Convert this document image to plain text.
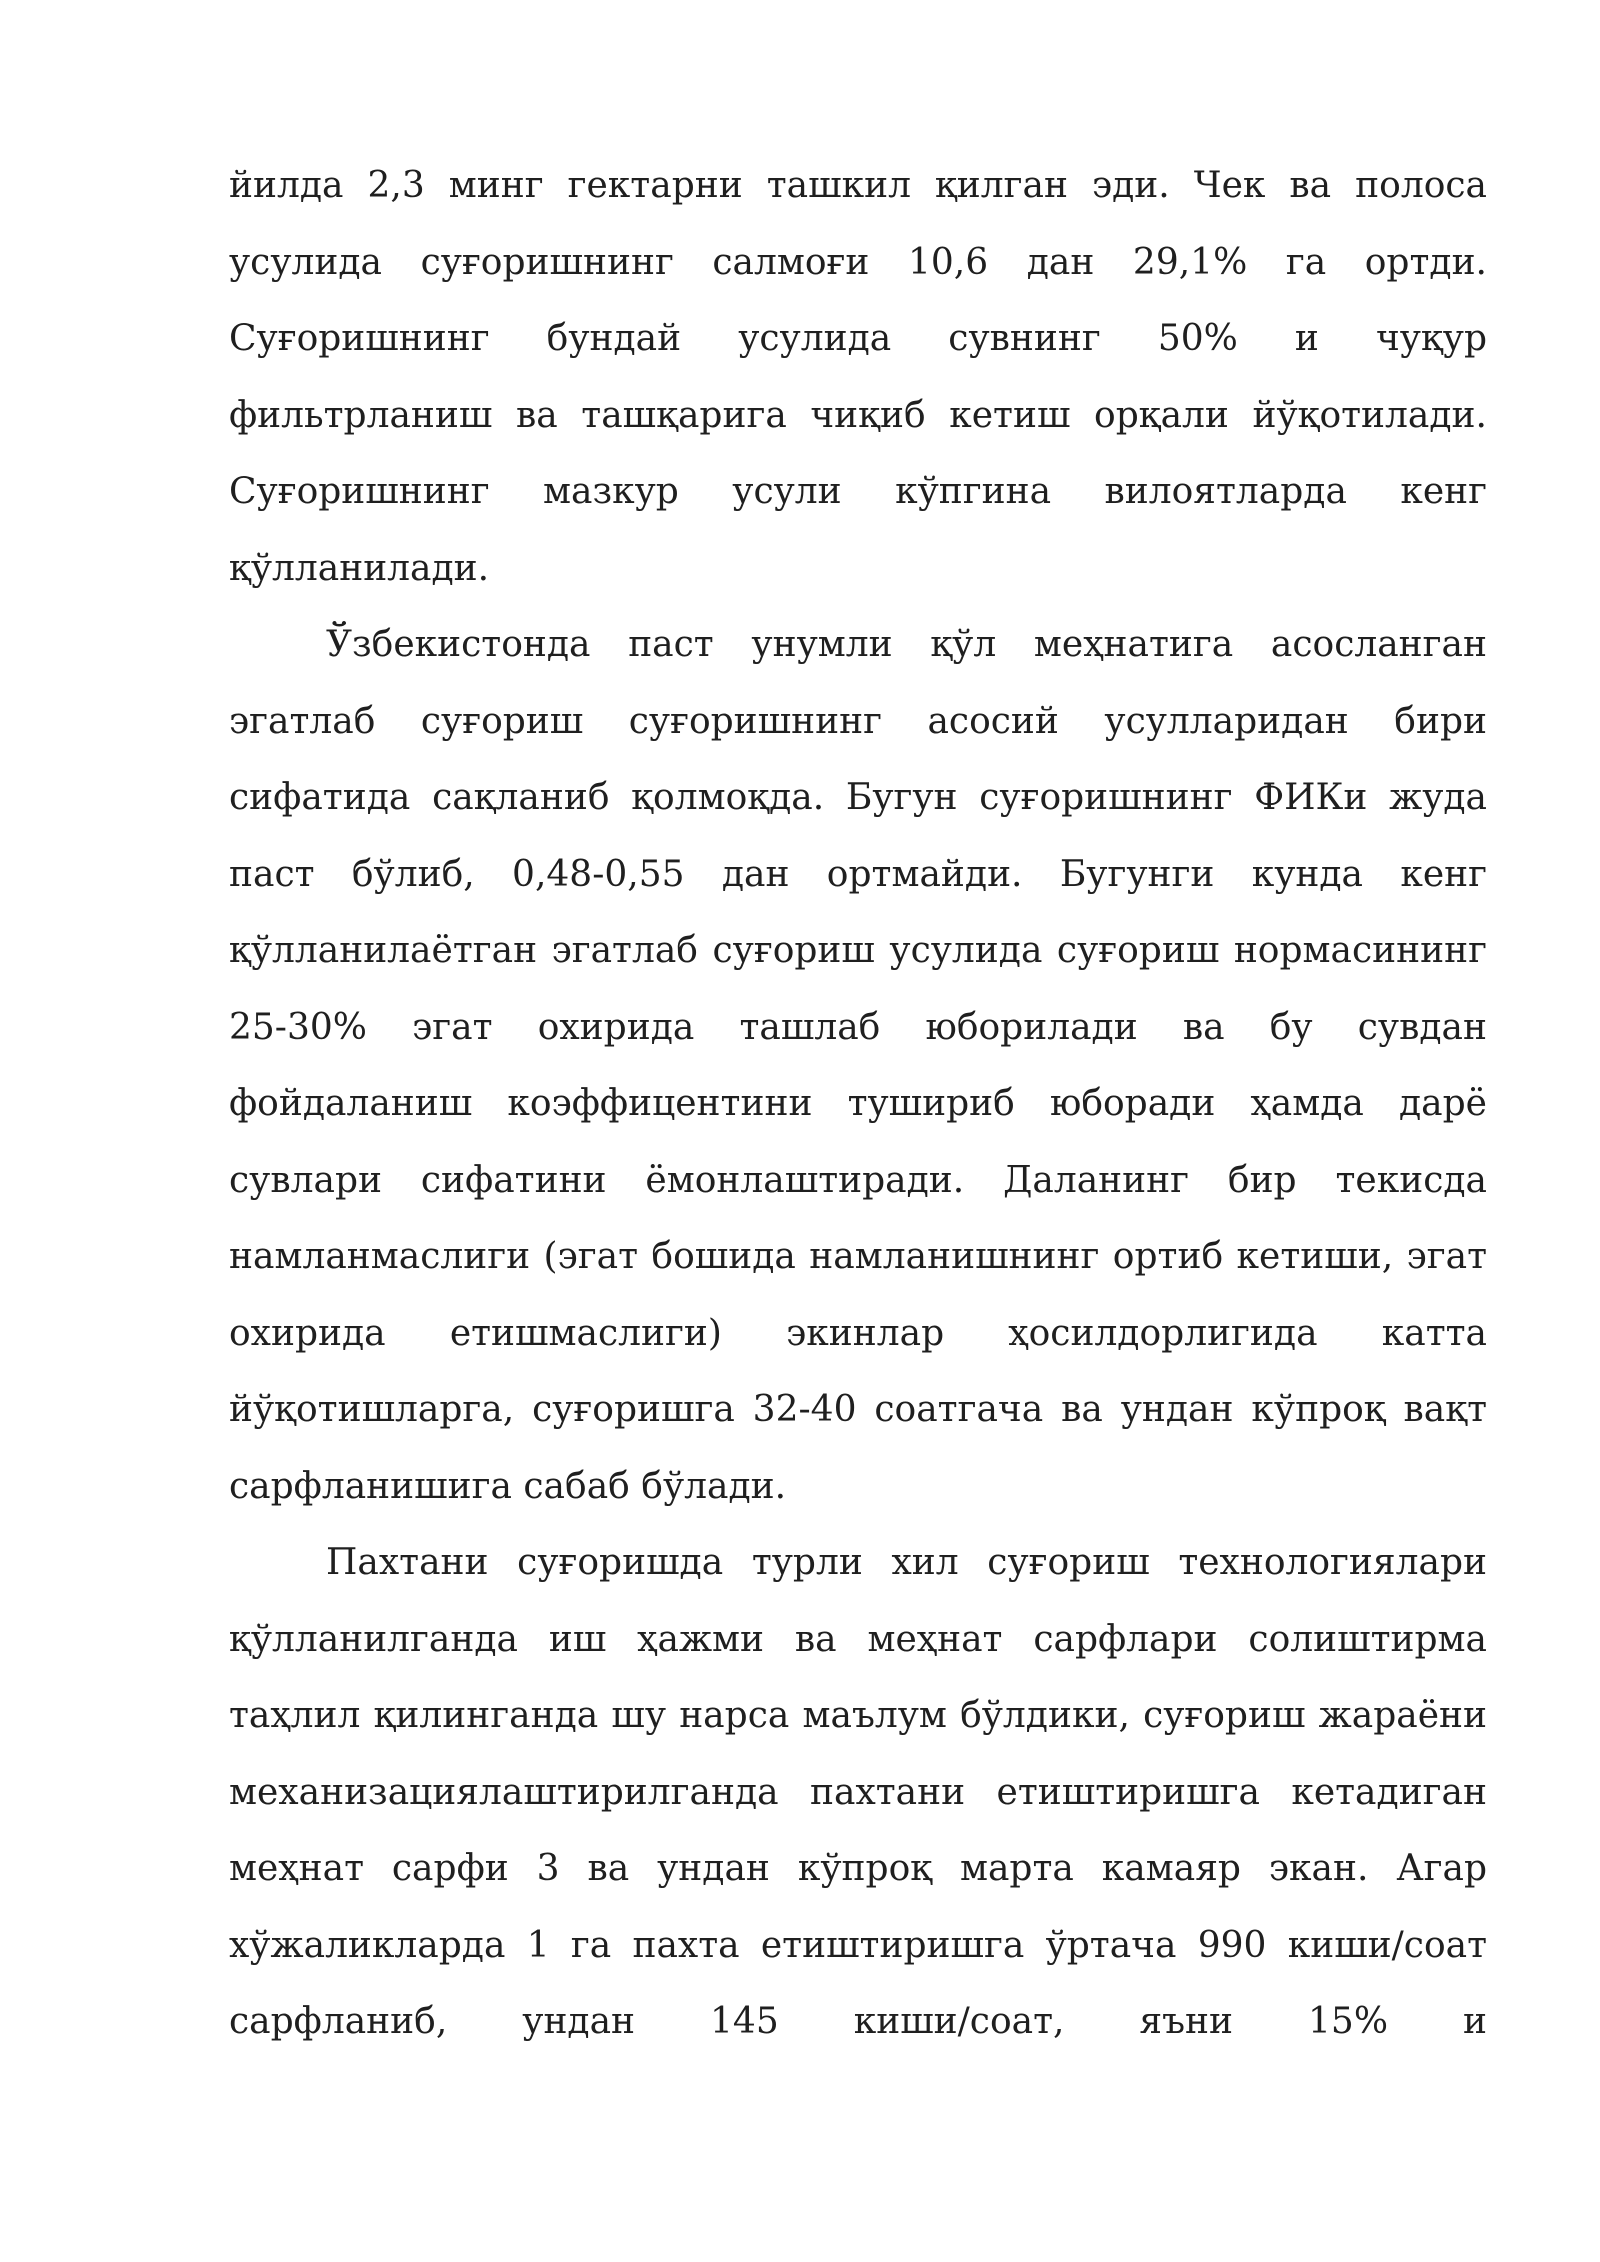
йилда 2,3 минг гектарни ташкил қилган эди. Чек ва полоса усулида суғоришнинг салмоғи 10,6 дан 29,1% га ортди. Суғоришнинг бундай усулида сувнинг 50% и чуқур фильтрланиш ва ташқарига чиқиб кетиш орқали йўқотилади. Суғоришнинг мазкур усули кўпгина вилоятларда кенг қўлланилади.

Ўзбекистонда паст унумли қўл меҳнатига асосланган эгатлаб суғориш суғоришнинг асосий усулларидан бири сифатида сақланиб қолмоқда. Бугун суғоришнинг ФИКи жуда паст бўлиб, 0,48-0,55 дан ортмайди. Бугунги кунда кенг қўлланилаётган эгатлаб суғориш усулида суғориш нормасининг 25-30% эгат охирида ташлаб юборилади ва бу сувдан фойдаланиш коэффицентини тушириб юборади ҳамда дарё сувлари сифатини ёмонлаштиради. Даланинг бир текисда намланмаслиги (эгат бошида намланишнинг ортиб кетиши, эгат охирида етишмаслиги) экинлар ҳосилдорлигида катта йўқотишларга, суғоришга 32-40 соатгача ва ундан кўпроқ вақт сарфланишига сабаб бўлади.

Пахтани суғоришда турли хил суғориш технологиялари қўлланилганда иш ҳажми ва меҳнат сарфлари солиштирма таҳлил қилинганда шу нарса маълум бўлдики, суғориш жараёни механизациялаштирилганда пахтани етиштиришга кетадиган меҳнат сарфи 3 ва ундан кўпроқ марта камаяр экан. Агар хўжаликларда 1 га пахта етиштиришга ўртача 990 киши/соат сарфланиб, ундан 145 киши/соат, яъни 15% и
